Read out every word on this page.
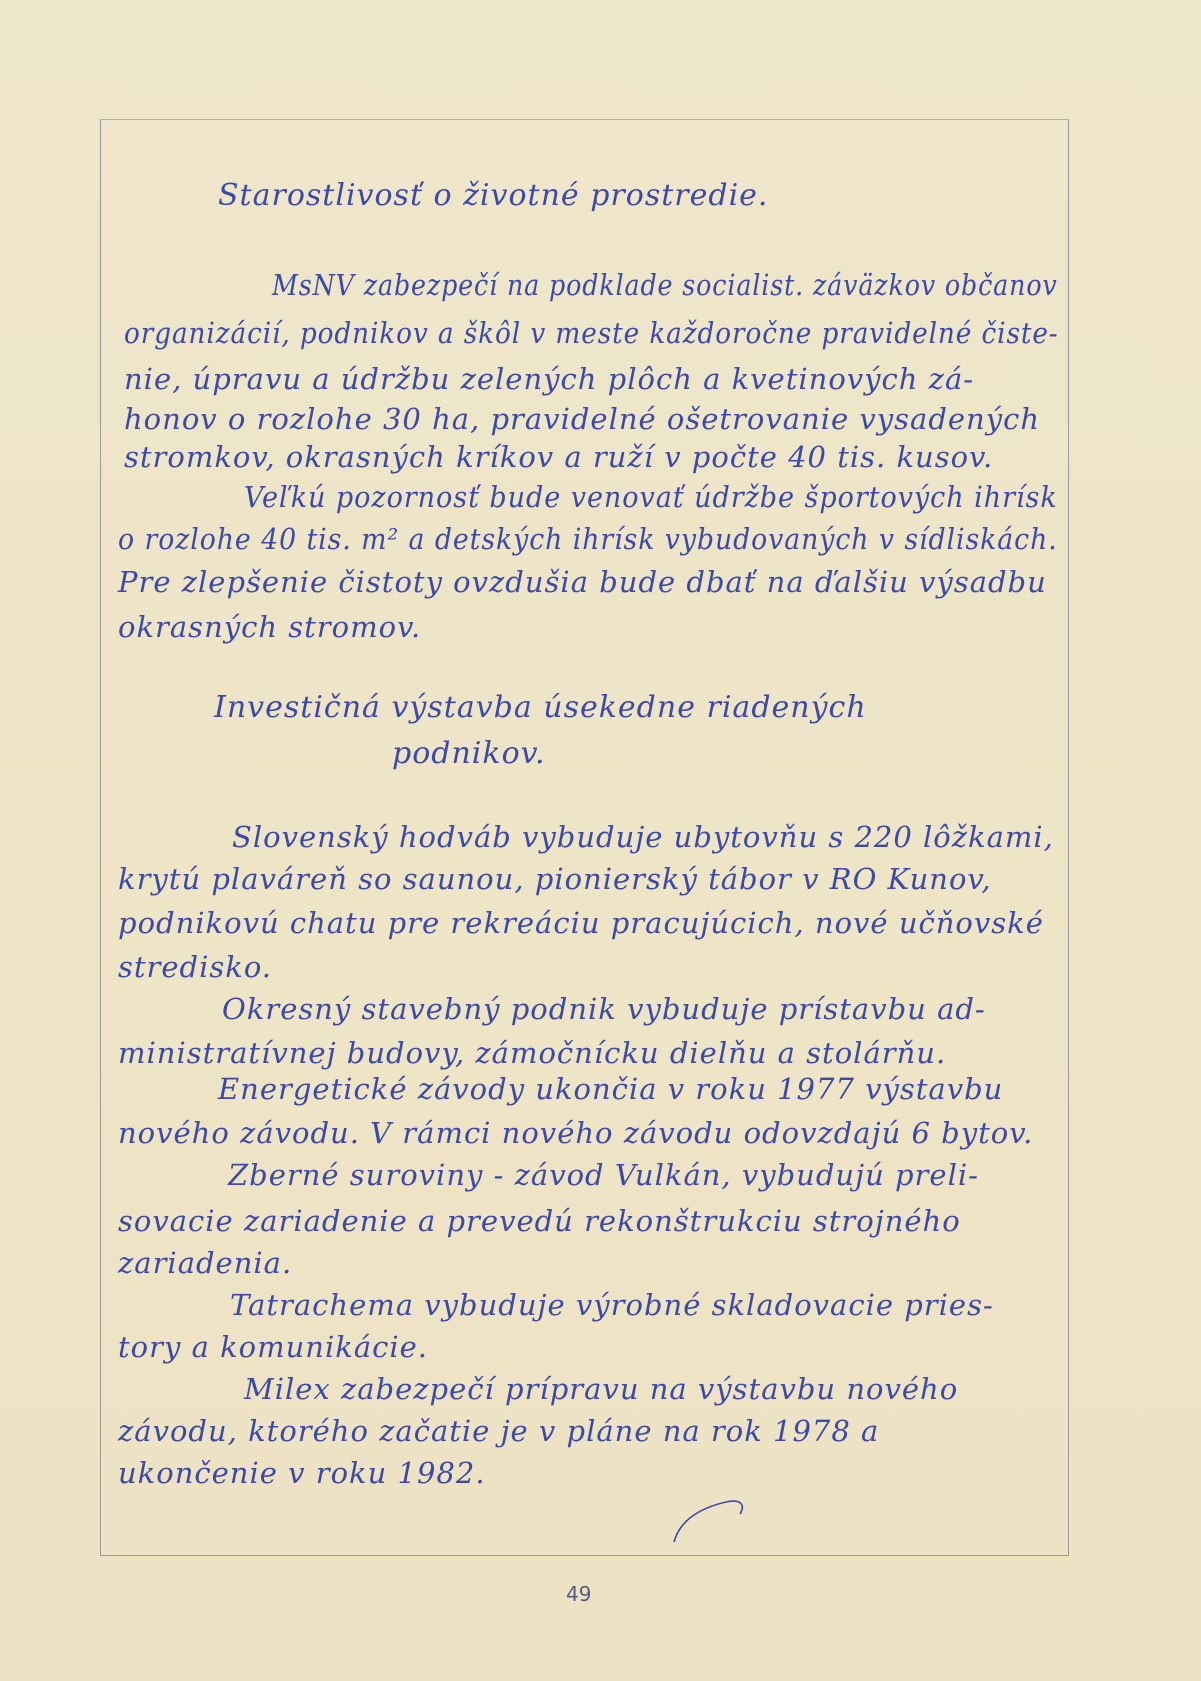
Starostlivosť o životné prostredie.
MsNV zabezpečí na podklade socialist. záväzkov občanov
organizácií, podnikov a škôl v meste každoročne pravidelné čiste-
nie, úpravu a údržbu zelených plôch a kvetinových zá-
honov o rozlohe 30 ha, pravidelné ošetrovanie vysadených
stromkov, okrasných kríkov a ruží v počte 40 tis. kusov.
Veľkú pozornosť bude venovať údržbe športových ihrísk
o rozlohe 40 tis. m² a detských ihrísk vybudovaných v sídliskách.
Pre zlepšenie čistoty ovzdušia bude dbať na ďalšiu výsadbu
okrasných stromov.
Investičná výstavba úsekedne riadených
podnikov.
Slovenský hodváb vybuduje ubytovňu s 220 lôžkami,
krytú plaváreň so saunou, pionierský tábor v RO Kunov,
podnikovú chatu pre rekreáciu pracujúcich, nové učňovské
stredisko.
Okresný stavebný podnik vybuduje prístavbu ad-
ministratívnej budovy, zámočnícku dielňu a stolárňu.
Energetické závody ukončia v roku 1977 výstavbu
nového závodu. V rámci nového závodu odovzdajú 6 bytov.
Zberné suroviny - závod Vulkán, vybudujú preli-
sovacie zariadenie a prevedú rekonštrukciu strojného
zariadenia.
Tatrachema vybuduje výrobné skladovacie pries-
tory a komunikácie.
Milex zabezpečí prípravu na výstavbu nového
závodu, ktorého začatie je v pláne na rok 1978 a
ukončenie v roku 1982.
49
